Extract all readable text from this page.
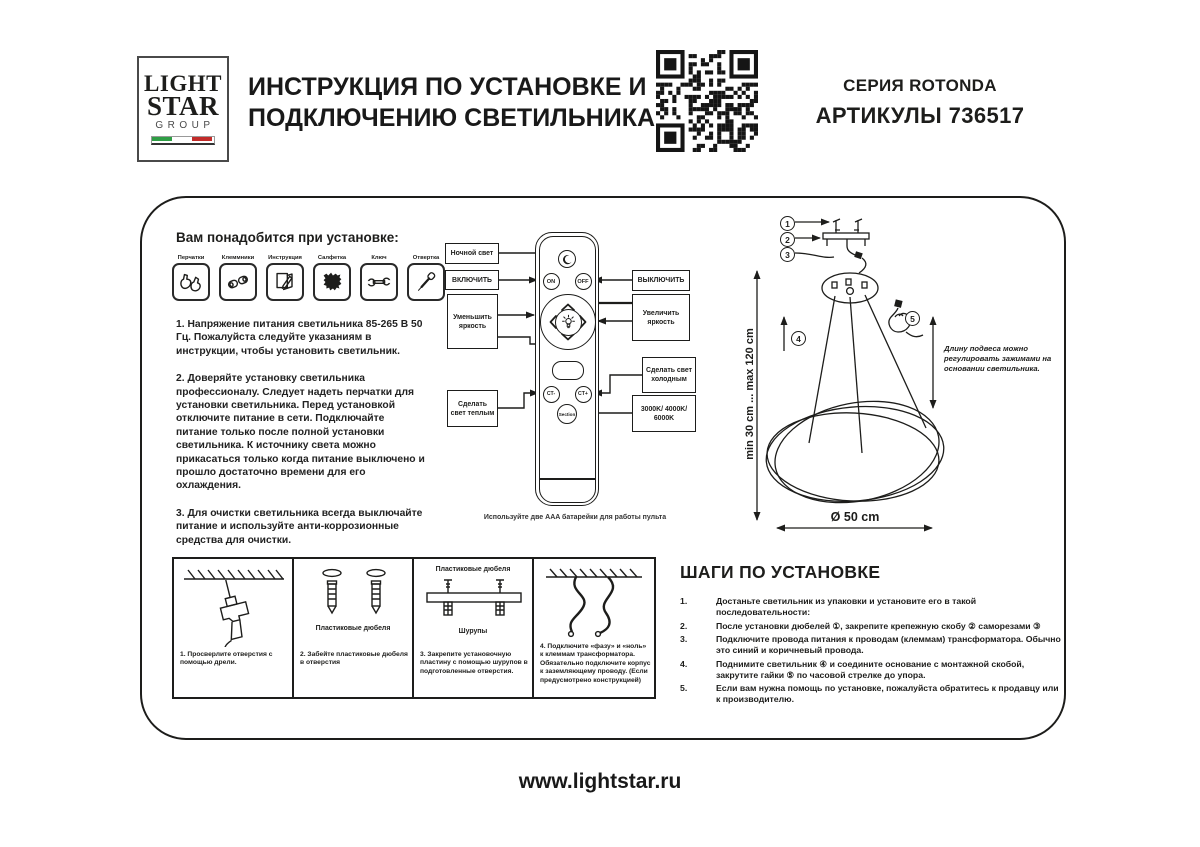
LIGHT
STAR
GROUP
ИНСТРУКЦИЯ ПО УСТАНОВКЕ И
ПОДКЛЮЧЕНИЮ СВЕТИЛЬНИКА
СЕРИЯ ROTONDA
АРТИКУЛЫ 736517
Вам понадобится при установке:
Перчатки	Клеммники	Инструкция	Салфетка	Ключ	Отвертка

1. Напряжение питания светильника 85-265 В 50 Гц. Пожалуйста следуйте указаниям в инструкции, чтобы установить светильник.

2. Доверяйте установку светильника профессионалу. Следует надеть перчатки для установки светильника. Перед установкой отключите питание в сети. Подключайте питание только после полной установки светильника. К источнику света можно прикасаться только когда питание выключено и прошло достаточно времени для его охлаждения.

3. Для очистки светильника всегда выключайте питание и используйте анти-коррозионные средства для очистки.

Ночной свет
ВКЛЮЧИТЬ
Уменьшить яркость
Сделать свет теплым
ВЫКЛЮЧИТЬ
Увеличить яркость
Сделать свет холодным
3000K/ 4000K/ 6000K
ON	OFF
CT-	CT+
Section
Используйте две AAA батарейки для работы пульта
1
2
3
4
5
min 30 cm ... max 120 cm
Ø 50 cm
Длину подвеса можно регулировать зажимами на основании светильника.
1. Просверлите отверстия с помощью дрели.
Пластиковые дюбеля
2. Забейте пластиковые дюбеля в отверстия
Пластиковые дюбеля
Шурупы
3. Закрепите установочную пластину с помощью шурупов в подготовленные отверстия.
4. Подключите «фазу» и «ноль» к клеммам трансформатора. Обязательно подключите корпус к заземляющему проводу. (Если предусмотрено конструкцией)
ШАГИ ПО УСТАНОВКЕ
1.	Достаньте светильник из упаковки и установите его в такой последовательности:
2.	После установки дюбелей ①, закрепите крепежную скобу ② саморезами ③
3.	Подключите провода питания к проводам (клеммам) трансформатора. Обычно это синий и коричневый провода.
4.	Поднимите светильник ④ и соедините основание с монтажной скобой, закрутите гайки ⑤ по часовой стрелке до упора.
5.	Если вам нужна помощь по установке, пожалуйста обратитесь к продавцу или к производителю.
www.lightstar.ru
